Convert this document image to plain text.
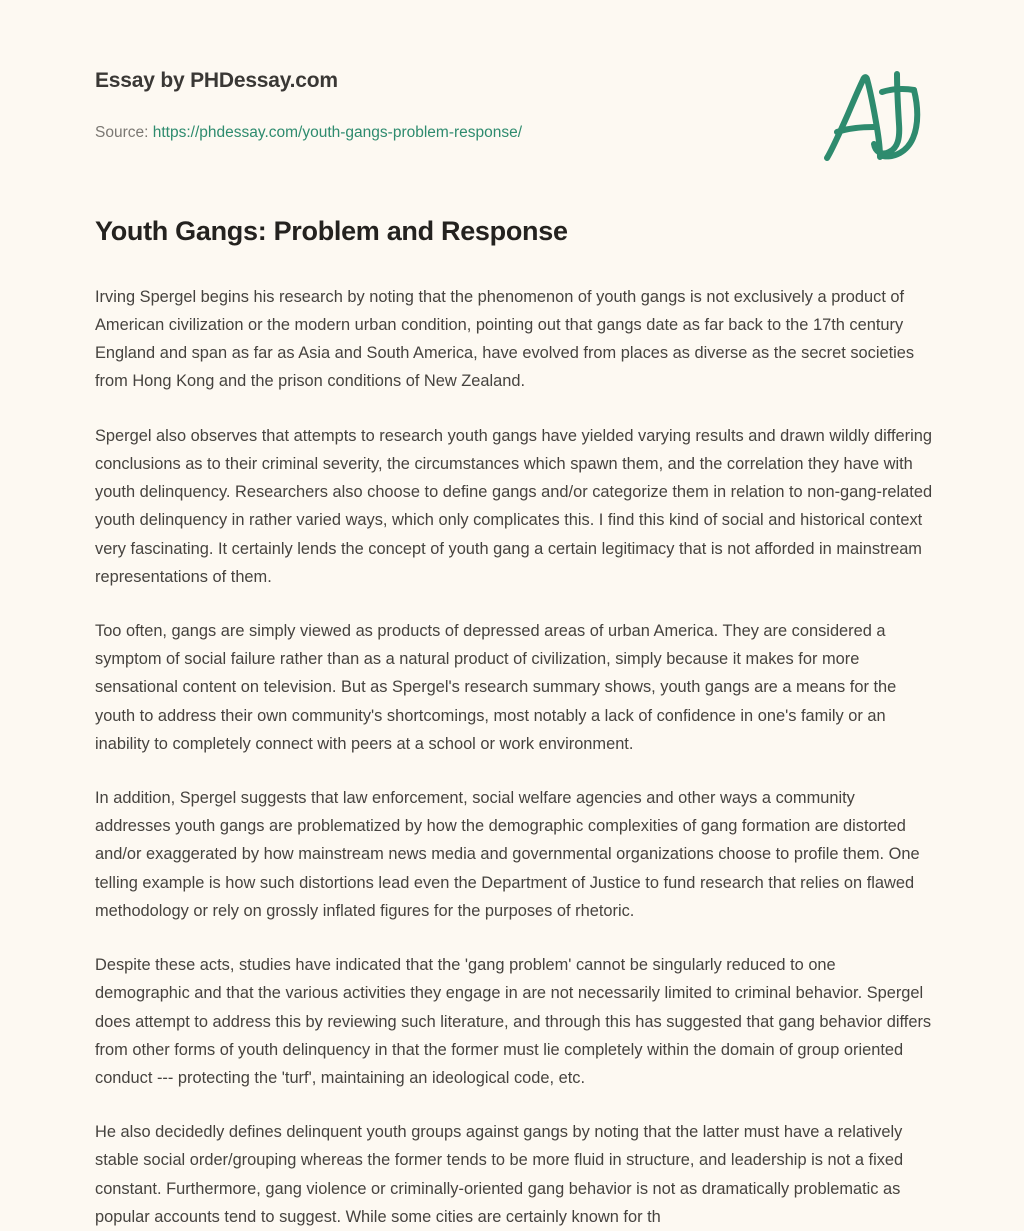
Essay by PHDessay.com
Source: https://phdessay.com/youth-gangs-problem-response/
Youth Gangs: Problem and Response

Irving Spergel begins his research by noting that the phenomenon of youth gangs is not exclusively a product of American civilization or the modern urban condition, pointing out that gangs date as far back to the 17th century England and span as far as Asia and South America, have evolved from places as diverse as the secret societies from Hong Kong and the prison conditions of New Zealand.

Spergel also observes that attempts to research youth gangs have yielded varying results and drawn wildly differing conclusions as to their criminal severity, the circumstances which spawn them, and the correlation they have with youth delinquency. Researchers also choose to define gangs and/or categorize them in relation to non-gang-related youth delinquency in rather varied ways, which only complicates this. I find this kind of social and historical context very fascinating. It certainly lends the concept of youth gang a certain legitimacy that is not afforded in mainstream representations of them.

Too often, gangs are simply viewed as products of depressed areas of urban America. They are considered a symptom of social failure rather than as a natural product of civilization, simply because it makes for more sensational content on television. But as Spergel's research summary shows, youth gangs are a means for the youth to address their own community's shortcomings, most notably a lack of confidence in one's family or an inability to completely connect with peers at a school or work environment.

In addition, Spergel suggests that law enforcement, social welfare agencies and other ways a community addresses youth gangs are problematized by how the demographic complexities of gang formation are distorted and/or exaggerated by how mainstream news media and governmental organizations choose to profile them. One telling example is how such distortions lead even the Department of Justice to fund research that relies on flawed methodology or rely on grossly inflated figures for the purposes of rhetoric.

Despite these acts, studies have indicated that the 'gang problem' cannot be singularly reduced to one demographic and that the various activities they engage in are not necessarily limited to criminal behavior. Spergel does attempt to address this by reviewing such literature, and through this has suggested that gang behavior differs from other forms of youth delinquency in that the former must lie completely within the domain of group oriented conduct --- protecting the 'turf', maintaining an ideological code, etc.

He also decidedly defines delinquent youth groups against gangs by noting that the latter must have a relatively stable social order/grouping whereas the former tends to be more fluid in structure, and leadership is not a fixed constant. Furthermore, gang violence or criminally-oriented gang behavior is not as dramatically problematic as popular accounts tend to suggest. While some cities are certainly known for th
